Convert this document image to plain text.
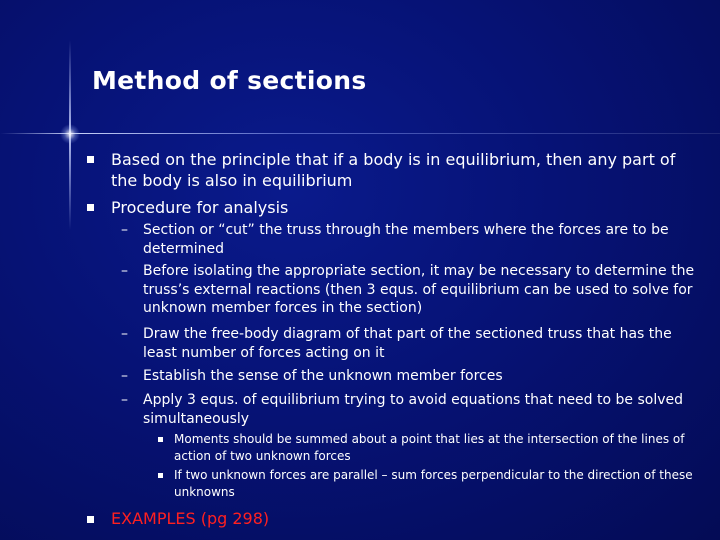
Method of sections
Based on the principle that if a body is in equilibrium, then any part of the body is also in equilibrium
Procedure for analysis
– Section or “cut” the truss through the members where the forces are to be determined
– Before isolating the appropriate section, it may be necessary to determine the truss’s external reactions (then 3 equs. of equilibrium can be used to solve for unknown member forces in the section)
– Draw the free-body diagram of that part of the sectioned truss that has the least number of forces acting on it
– Establish the sense of the unknown member forces
– Apply 3 equs. of equilibrium trying to avoid equations that need to be solved simultaneously
Moments should be summed about a point that lies at the intersection of the lines of action of two unknown forces
If two unknown forces are parallel – sum forces perpendicular to the direction of these unknowns
EXAMPLES (pg 298)
